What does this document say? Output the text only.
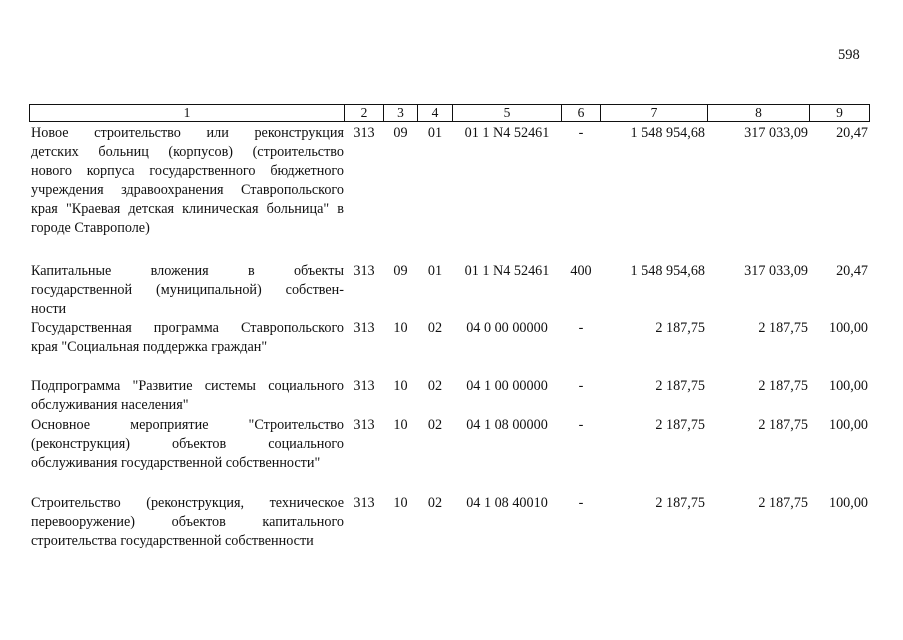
598
1	2	3	4	5	6	7	8	9
Новое строительство или реконструкция
детских больниц (корпусов) (строительство
нового корпуса государственного бюджетного
учреждения здравоохранения Ставропольского
края "Краевая детская клиническая больница" в
городе Ставрополе)
313	09	01	01 1 N4 52461	-	1 548 954,68	317 033,09	20,47
Капитальные вложения в объекты
государственной (муниципальной) собствен-
ности
313	09	01	01 1 N4 52461	400	1 548 954,68	317 033,09	20,47
Государственная программа Ставропольского
края "Социальная поддержка граждан"
313	10	02	04 0 00 00000	-	2 187,75	2 187,75	100,00
Подпрограмма "Развитие системы социального
обслуживания населения"
313	10	02	04 1 00 00000	-	2 187,75	2 187,75	100,00
Основное мероприятие "Строительство
(реконструкция) объектов социального
обслуживания государственной собственности"
313	10	02	04 1 08 00000	-	2 187,75	2 187,75	100,00
Строительство (реконструкция, техническое
перевооружение) объектов капитального
строительства государственной собственности
313	10	02	04 1 08 40010	-	2 187,75	2 187,75	100,00
